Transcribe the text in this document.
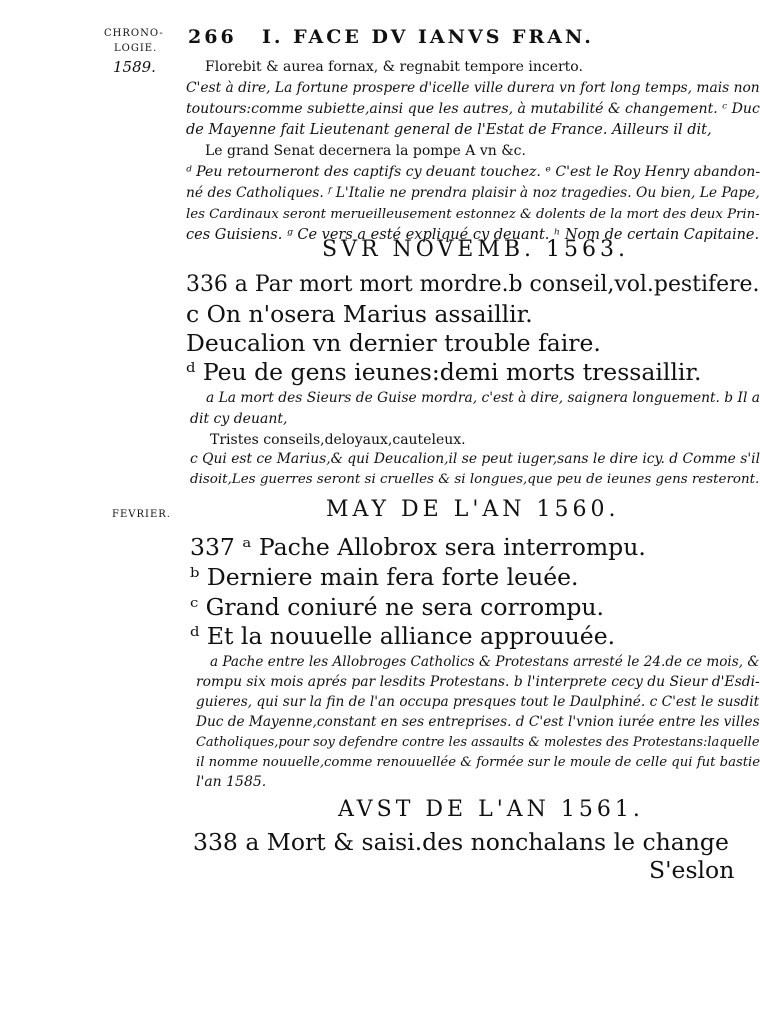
CHRONO-
LOGIE.
1589.
FEVRIER.
266 I. FACE DV IANVS FRAN.
Florebit & aurea fornax, & regnabit tempore incerto.
C'est à dire, La fortune prospere d'icelle ville durera vn fort long temps, mais non
toutours:comme subiette,ainsi que les autres, à mutabilité & changement. ᶜ Duc
de Mayenne fait Lieutenant general de l'Estat de France. Ailleurs il dit,
Le grand Senat decernera la pompe A vn &c.
ᵈ Peu retourneront des captifs cy deuant touchez. ᵉ C'est le Roy Henry abandon-
né des Catholiques. ᶠ L'Italie ne prendra plaisir à noz tragedies. Ou bien, Le Pape,
les Cardinaux seront merueilleusement estonnez & dolents de la mort des deux Prin-
ces Guisiens. ᵍ Ce vers a esté expliqué cy deuant. ʰ Nom de certain Capitaine.
SVR NOVEMB. 1563.
336 a Par mort mort mordre.b conseil,vol.pestifere.
c On n'osera Marius assaillir.
Deucalion vn dernier trouble faire.
ᵈ Peu de gens ieunes:demi morts tressaillir.
a La mort des Sieurs de Guise mordra, c'est à dire, saignera longuement. b Il a
dit cy deuant,
Tristes conseils,deloyaux,cauteleux.
c Qui est ce Marius,& qui Deucalion,il se peut iuger,sans le dire icy. d Comme s'il
disoit,Les guerres seront si cruelles & si longues,que peu de ieunes gens resteront.
MAY DE L'AN 1560.
337 ᵃ Pache Allobrox sera interrompu.
ᵇ Derniere main fera forte leuée.
ᶜ Grand coniuré ne sera corrompu.
ᵈ Et la nouuelle alliance approuuée.
a Pache entre les Allobroges Catholics & Protestans arresté le 24.de ce mois, &
rompu six mois aprés par lesdits Protestans. b l'interprete cecy du Sieur d'Esdi-
guieres, qui sur la fin de l'an occupa presques tout le Daulphiné. c C'est le susdit
Duc de Mayenne,constant en ses entreprises. d C'est l'vnion iurée entre les villes
Catholiques,pour soy defendre contre les assaults & molestes des Protestans:laquelle
il nomme nouuelle,comme renouuellée & formée sur le moule de celle qui fut bastie
l'an 1585.
AVST DE L'AN 1561.
338 a Mort & saisi.des nonchalans le change
S'eslon
